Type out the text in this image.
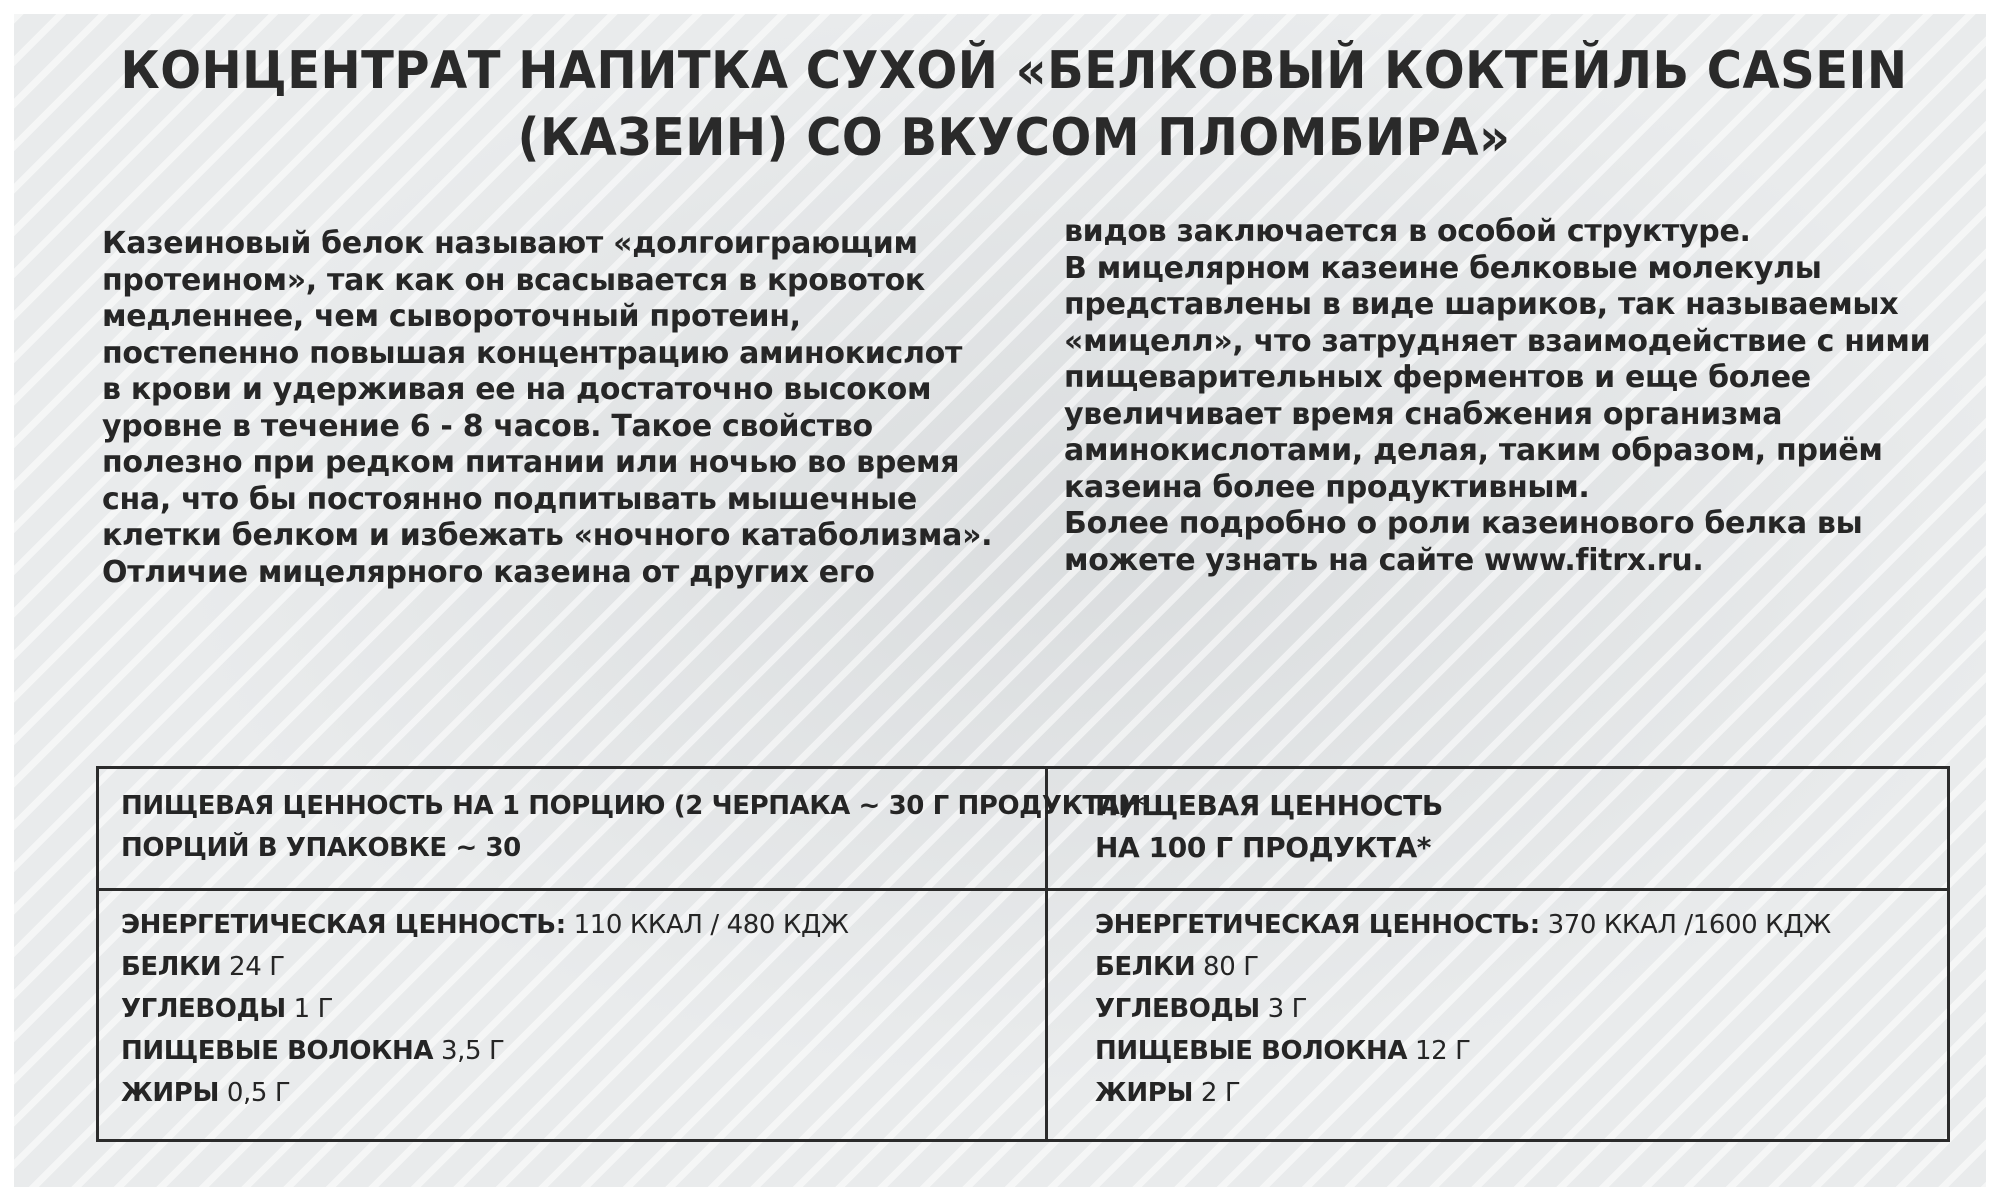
КОНЦЕНТРАТ НАПИТКА СУХОЙ «БЕЛКОВЫЙ КОКТЕЙЛЬ CASEIN
(КАЗЕИН) СО ВКУСОМ ПЛОМБИРА»
Казеиновый белок называют «долгоиграющим
протеином», так как он всасывается в кровоток
медленнее, чем сывороточный протеин,
постепенно повышая концентрацию аминокислот
в крови и удерживая ее на достаточно высоком
уровне в течение 6 - 8 часов. Такое свойство
полезно при редком питании или ночью во время
сна, что бы постоянно подпитывать мышечные
клетки белком и избежать «ночного катаболизма».
Отличие мицелярного казеина от других его
видов заключается в особой структуре.
В мицелярном казеине белковые молекулы
представлены в виде шариков, так называемых
«мицелл», что затрудняет взаимодействие с ними
пищеварительных ферментов и еще более
увеличивает время снабжения организма
аминокислотами, делая, таким образом, приём
казеина более продуктивным.
Более подробно о роли казеинового белка вы
можете узнать на сайте www.fitrx.ru.
ПИЩЕВАЯ ЦЕННОСТЬ НА 1 ПОРЦИЮ (2 ЧЕРПАКА ~ 30 Г ПРОДУКТА)*
ПОРЦИЙ В УПАКОВКЕ ~ 30
ПИЩЕВАЯ ЦЕННОСТЬ
НА 100 Г ПРОДУКТА*
ЭНЕРГЕТИЧЕСКАЯ ЦЕННОСТЬ: 110 ККАЛ / 480 КДЖ
БЕЛКИ 24 Г
УГЛЕВОДЫ 1 Г
ПИЩЕВЫЕ ВОЛОКНА 3,5 Г
ЖИРЫ 0,5 Г
ЭНЕРГЕТИЧЕСКАЯ ЦЕННОСТЬ: 370 ККАЛ /1600 КДЖ
БЕЛКИ 80 Г
УГЛЕВОДЫ 3 Г
ПИЩЕВЫЕ ВОЛОКНА 12 Г
ЖИРЫ 2 Г
